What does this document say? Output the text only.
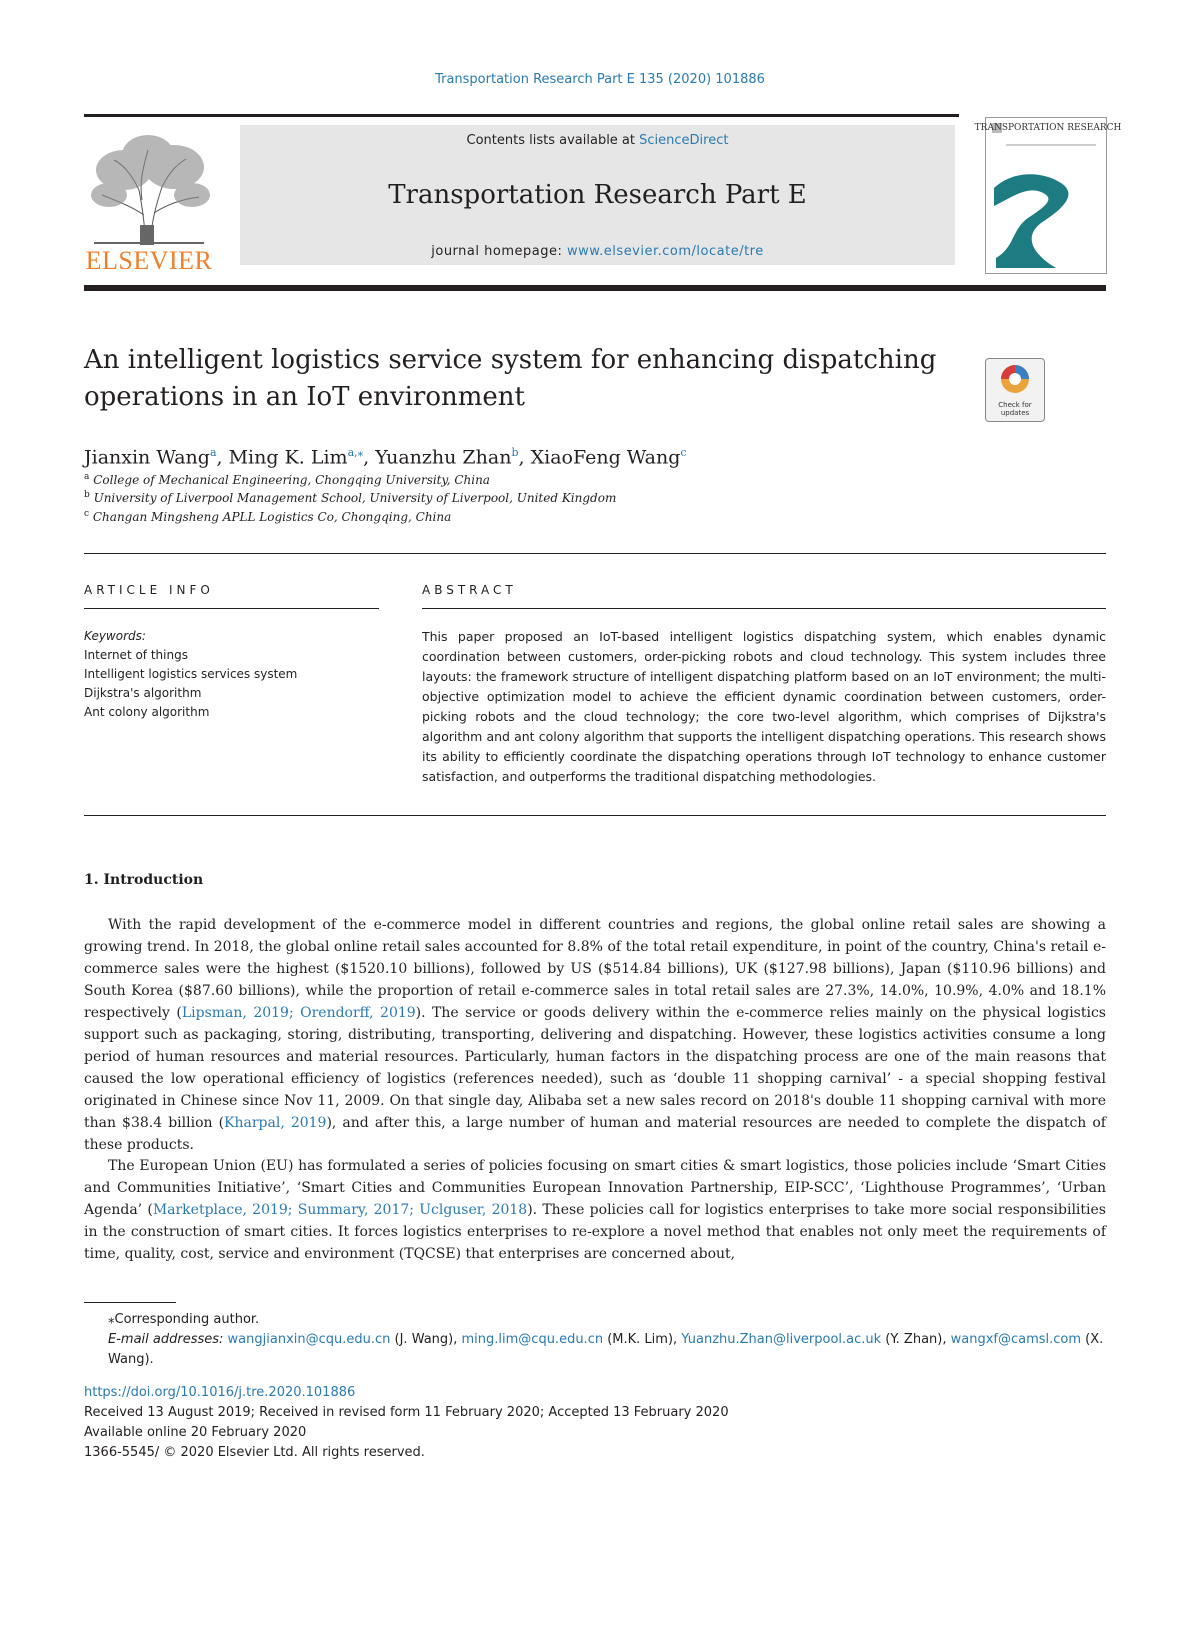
Transportation Research Part E 135 (2020) 101886
ELSEVIER
Contents lists available at ScienceDirect
Transportation Research Part E
journal homepage: www.elsevier.com/locate/tre
TRANSPORTATION RESEARCH
An intelligent logistics service system for enhancing dispatching operations in an IoT environment	Check for updates
Jianxin Wang$^a$, Ming K. Lim$^{a,⁎}$, Yuanzhu Zhan$^b$, XiaoFeng Wang$^c$
$^a$ College of Mechanical Engineering, Chongqing University, China
$^b$ University of Liverpool Management School, University of Liverpool, United Kingdom
$^c$ Changan Mingsheng APLL Logistics Co, Chongqing, China
ARTICLE INFO	ABSTRACT
Keywords:
Internet of things
Intelligent logistics services system
Dijkstra's algorithm
Ant colony algorithm
This paper proposed an IoT-based intelligent logistics dispatching system, which enables dynamic coordination between customers, order-picking robots and cloud technology. This system includes three layouts: the framework structure of intelligent dispatching platform based on an IoT environment; the multi-objective optimization model to achieve the efficient dynamic coordination between customers, order-picking robots and the cloud technology; the core two-level algorithm, which comprises of Dijkstra's algorithm and ant colony algorithm that supports the intelligent dispatching operations. This research shows its ability to efficiently coordinate the dispatching operations through IoT technology to enhance customer satisfaction, and outperforms the traditional dispatching methodologies.
1. Introduction
With the rapid development of the e-commerce model in different countries and regions, the global online retail sales are showing a growing trend. In 2018, the global online retail sales accounted for 8.8% of the total retail expenditure, in point of the country, China's retail e-commerce sales were the highest ($1520.10 billions), followed by US ($514.84 billions), UK ($127.98 billions), Japan ($110.96 billions) and South Korea ($87.60 billions), while the proportion of retail e-commerce sales in total retail sales are 27.3%, 14.0%, 10.9%, 4.0% and 18.1% respectively (Lipsman, 2019; Orendorff, 2019). The service or goods delivery within the e-commerce relies mainly on the physical logistics support such as packaging, storing, distributing, transporting, delivering and dispatching. However, these logistics activities consume a long period of human resources and material resources. Particularly, human factors in the dispatching process are one of the main reasons that caused the low operational efficiency of logistics (references needed), such as ‘double 11 shopping carnival’ - a special shopping festival originated in Chinese since Nov 11, 2009. On that single day, Alibaba set a new sales record on 2018's double 11 shopping carnival with more than $38.4 billion (Kharpal, 2019), and after this, a large number of human and material resources are needed to complete the dispatch of these products.
The European Union (EU) has formulated a series of policies focusing on smart cities & smart logistics, those policies include ‘Smart Cities and Communities Initiative’, ‘Smart Cities and Communities European Innovation Partnership, EIP-SCC’, ‘Lighthouse Programmes’, ‘Urban Agenda’ (Marketplace, 2019; Summary, 2017; Uclguser, 2018). These policies call for logistics enterprises to take more social responsibilities in the construction of smart cities. It forces logistics enterprises to re-explore a novel method that enables not only meet the requirements of time, quality, cost, service and environment (TQCSE) that enterprises are concerned about,
⁎Corresponding author.
E-mail addresses: wangjianxin@cqu.edu.cn (J. Wang), ming.lim@cqu.edu.cn (M.K. Lim), Yuanzhu.Zhan@liverpool.ac.uk (Y. Zhan), wangxf@camsl.com (X. Wang).
https://doi.org/10.1016/j.tre.2020.101886
Received 13 August 2019; Received in revised form 11 February 2020; Accepted 13 February 2020
Available online 20 February 2020
1366-5545/ © 2020 Elsevier Ltd. All rights reserved.
